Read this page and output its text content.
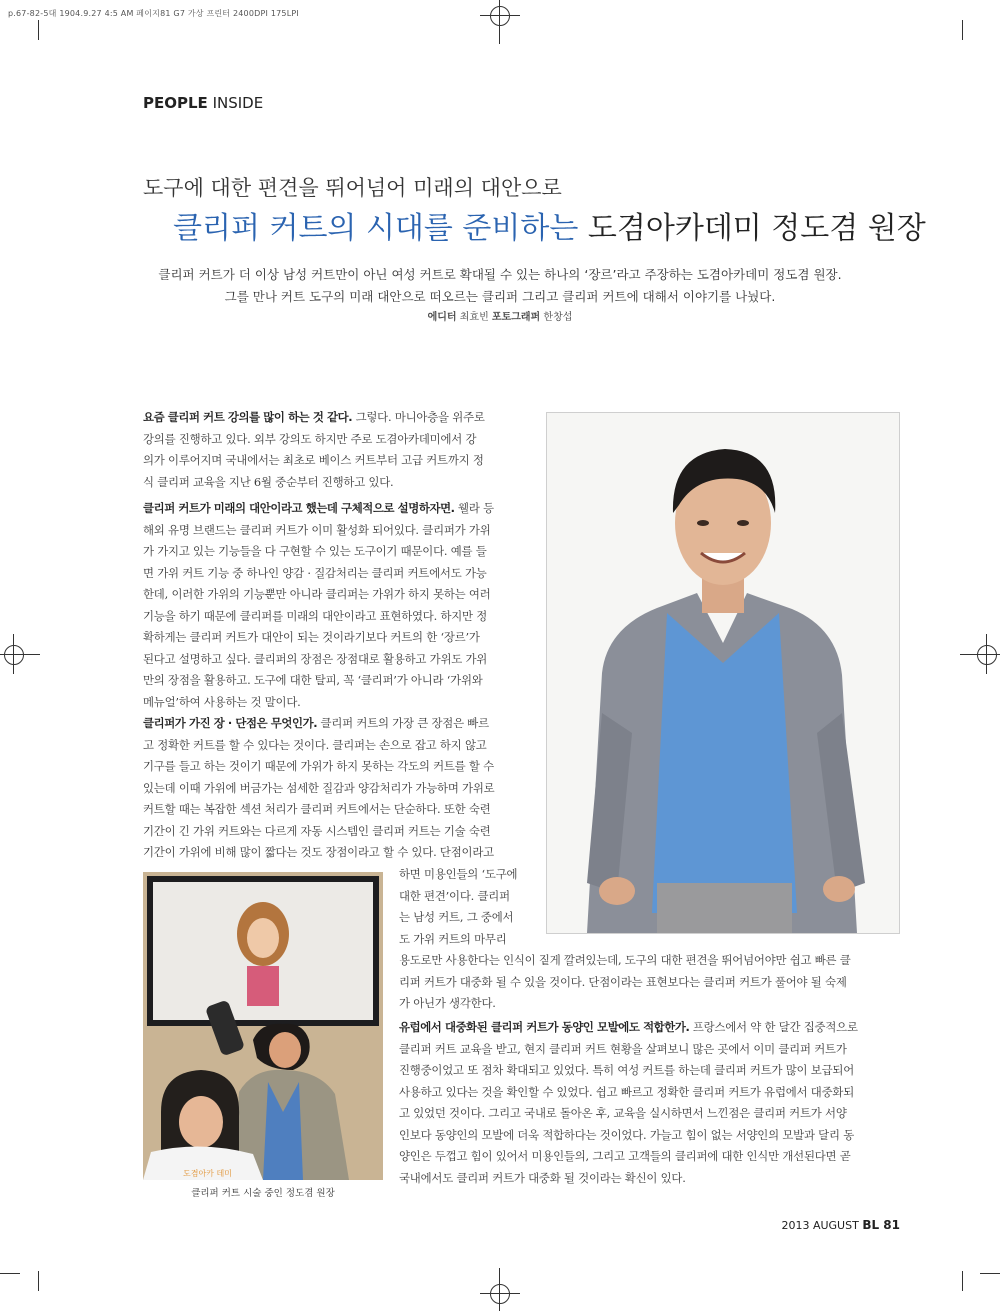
p.67-82-5대 1904.9.27 4:5 AM 페이지81 G7 가상 프린터 2400DPI 175LPI
PEOPLE INSIDE
도구에 대한 편견을 뛰어넘어 미래의 대안으로
클리퍼 커트의 시대를 준비하는 도겸아카데미 정도겸 원장
클리퍼 커트가 더 이상 남성 커트만이 아닌 여성 커트로 확대될 수 있는 하나의 ‘장르’라고 주장하는 도겸아카데미 정도겸 원장.
그를 만나 커트 도구의 미래 대안으로 떠오르는 클리퍼 그리고 클리퍼 커트에 대해서 이야기를 나눴다.
에디터 최효빈 포토그래퍼 한창섭
요즘 클리퍼 커트 강의를 많이 하는 것 같다. 그렇다. 마니아층을 위주로
강의를 진행하고 있다. 외부 강의도 하지만 주로 도겸아카데미에서 강
의가 이루어지며 국내에서는 최초로 베이스 커트부터 고급 커트까지 정
식 클리퍼 교육을 지난 6월 중순부터 진행하고 있다.
클리퍼 커트가 미래의 대안이라고 했는데 구체적으로 설명하자면. 웰라 등
해외 유명 브랜드는 클리퍼 커트가 이미 활성화 되어있다. 클리퍼가 가위
가 가지고 있는 기능들을 다 구현할 수 있는 도구이기 때문이다. 예를 들
면 가위 커트 기능 중 하나인 양감 · 질감처리는 클리퍼 커트에서도 가능
한데, 이러한 가위의 기능뿐만 아니라 클리퍼는 가위가 하지 못하는 여러
기능을 하기 때문에 클리퍼를 미래의 대안이라고 표현하였다. 하지만 정
확하게는 클리퍼 커트가 대안이 되는 것이라기보다 커트의 한 ‘장르’가
된다고 설명하고 싶다. 클리퍼의 장점은 장점대로 활용하고 가위도 가위
만의 장점을 활용하고. 도구에 대한 탈피, 꼭 ‘클리퍼’가 아니라 ‘가위와
메뉴얼’하여 사용하는 것 말이다.
클리퍼가 가진 장 · 단점은 무엇인가. 클리퍼 커트의 가장 큰 장점은 빠르
고 정확한 커트를 할 수 있다는 것이다. 클리퍼는 손으로 잡고 하지 않고
기구를 들고 하는 것이기 때문에 가위가 하지 못하는 각도의 커트를 할 수
있는데 이때 가위에 버금가는 섬세한 질감과 양감처리가 가능하며 가위로
커트할 때는 복잡한 섹션 처리가 클리퍼 커트에서는 단순하다. 또한 숙련
기간이 긴 가위 커트와는 다르게 자동 시스템인 클리퍼 커트는 기술 숙련
기간이 가위에 비해 많이 짧다는 것도 장점이라고 할 수 있다. 단점이라고
하면 미용인들의 ‘도구에
대한 편견’이다. 클리퍼
는 남성 커트, 그 중에서
도 가위 커트의 마무리
용도로만 사용한다는 인식이 짙게 깔려있는데, 도구의 대한 편견을 뛰어넘어야만 쉽고 빠른 클
리퍼 커트가 대중화 될 수 있을 것이다. 단점이라는 표현보다는 클리퍼 커트가 풀어야 될 숙제
가 아닌가 생각한다.
유럽에서 대중화된 클리퍼 커트가 동양인 모발에도 적합한가. 프랑스에서 약 한 달간 집중적으로
클리퍼 커트 교육을 받고, 현지 클리퍼 커트 현황을 살펴보니 많은 곳에서 이미 클리퍼 커트가
진행중이었고 또 점차 확대되고 있었다. 특히 여성 커트를 하는데 클리퍼 커트가 많이 보급되어
사용하고 있다는 것을 확인할 수 있었다. 쉽고 빠르고 정확한 클리퍼 커트가 유럽에서 대중화되
고 있었던 것이다. 그리고 국내로 돌아온 후, 교육을 실시하면서 느낀점은 클리퍼 커트가 서양
인보다 동양인의 모발에 더욱 적합하다는 것이었다. 가늘고 힘이 없는 서양인의 모발과 달리 동
양인은 두껍고 힘이 있어서 미용인들의, 그리고 고객들의 클리퍼에 대한 인식만 개선된다면 곧
국내에서도 클리퍼 커트가 대중화 될 것이라는 확신이 있다.
도겸아카 데미
클리퍼 커트 시술 중인 정도겸 원장
2013 AUGUST BL 81
